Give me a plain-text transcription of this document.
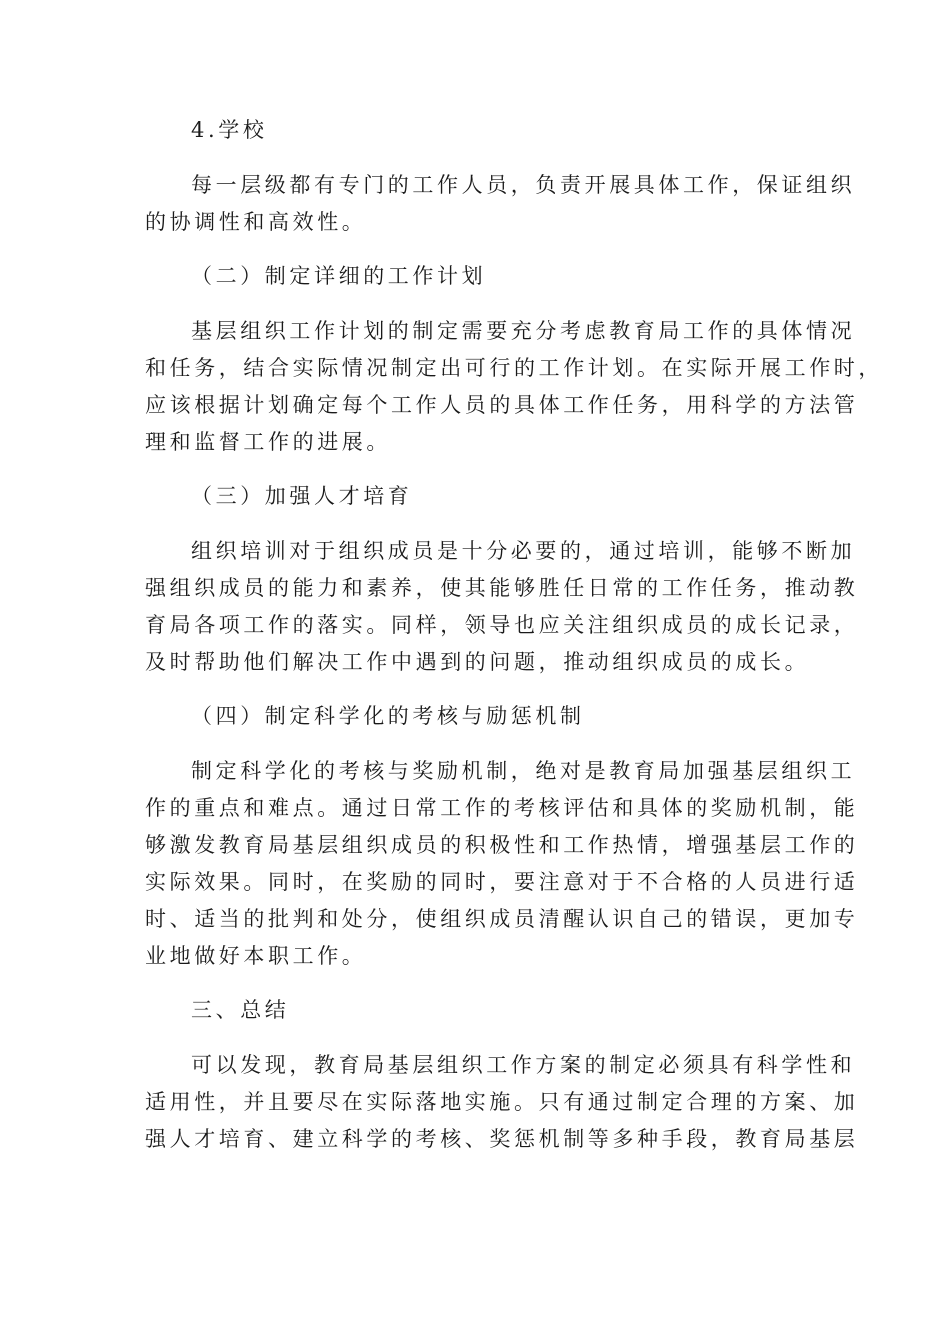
4.学校
每一层级都有专门的工作人员，负责开展具体工作，保证组织
的协调性和高效性。
（二）制定详细的工作计划
基层组织工作计划的制定需要充分考虑教育局工作的具体情况
和任务，结合实际情况制定出可行的工作计划。在实际开展工作时，
应该根据计划确定每个工作人员的具体工作任务，用科学的方法管
理和监督工作的进展。
（三）加强人才培育
组织培训对于组织成员是十分必要的，通过培训，能够不断加
强组织成员的能力和素养，使其能够胜任日常的工作任务，推动教
育局各项工作的落实。同样，领导也应关注组织成员的成长记录，
及时帮助他们解决工作中遇到的问题，推动组织成员的成长。
（四）制定科学化的考核与励惩机制
制定科学化的考核与奖励机制，绝对是教育局加强基层组织工
作的重点和难点。通过日常工作的考核评估和具体的奖励机制，能
够激发教育局基层组织成员的积极性和工作热情，增强基层工作的
实际效果。同时，在奖励的同时，要注意对于不合格的人员进行适
时、适当的批判和处分，使组织成员清醒认识自己的错误，更加专
业地做好本职工作。
三、总结
可以发现，教育局基层组织工作方案的制定必须具有科学性和
适用性，并且要尽在实际落地实施。只有通过制定合理的方案、加
强人才培育、建立科学的考核、奖惩机制等多种手段，教育局基层
